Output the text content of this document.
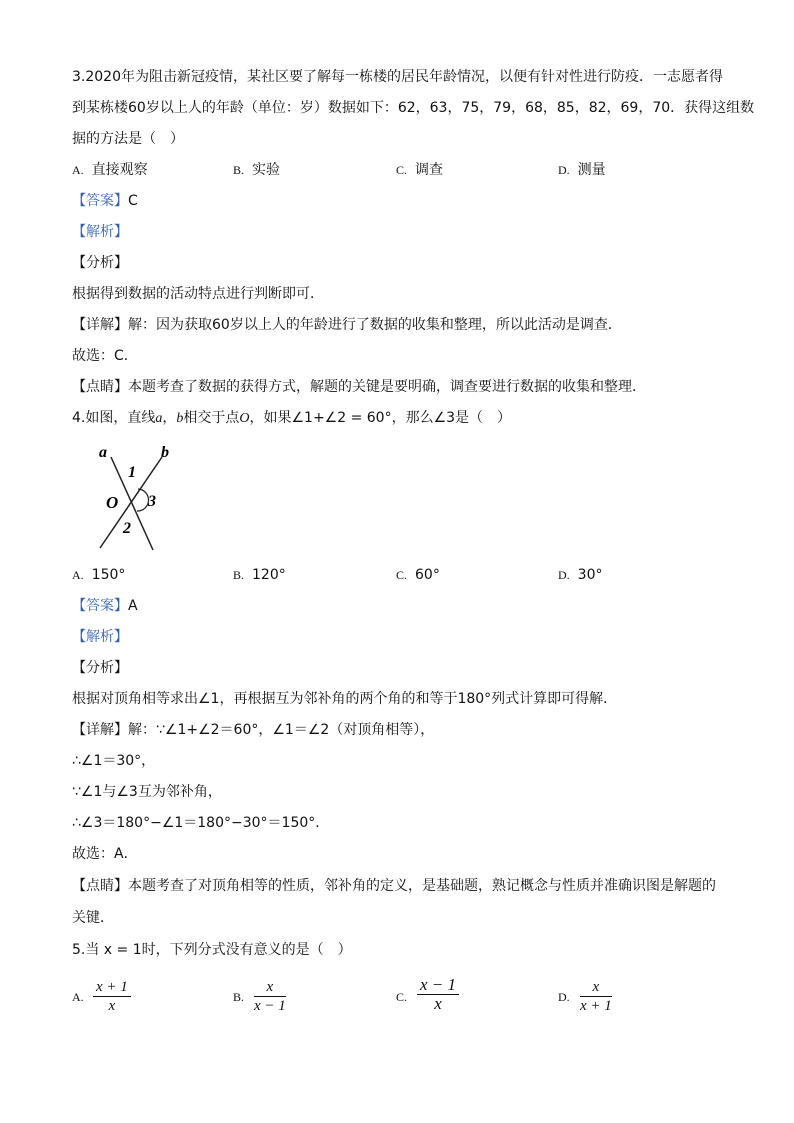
3.2020年为阻击新冠疫情，某社区要了解每一栋楼的居民年龄情况，以便有针对性进行防疫．一志愿者得
到某栋楼60岁以上人的年龄（单位：岁）数据如下：62，63，75，79，68，85，82，69，70．获得这组数
据的方法是（　）
A. 直接观察	B. 实验	C. 调查	D. 测量
【答案】C
【解析】
【分析】
根据得到数据的活动特点进行判断即可．
【详解】解：因为获取60岁以上人的年龄进行了数据的收集和整理，所以此活动是调查．
故选：C．
【点睛】本题考查了数据的获得方式，解题的关键是要明确，调查要进行数据的收集和整理．
4.如图，直线a，b相交于点O，如果∠1+∠2 = 60°，那么∠3是（　）
a	b
1
O 3
2
A. 150°	B. 120°	C. 60°	D. 30°
【答案】A
【解析】
【分析】
根据对顶角相等求出∠1，再根据互为邻补角的两个角的和等于180°列式计算即可得解．
【详解】解：∵∠1+∠2＝60°，∠1＝∠2（对顶角相等），
∴∠1＝30°，
∵∠1与∠3互为邻补角，
∴∠3＝180°−∠1＝180°−30°＝150°．
故选：A．
【点睛】本题考查了对顶角相等的性质，邻补角的定义，是基础题，熟记概念与性质并准确识图是解题的
关键．
5.当 x = 1时，下列分式没有意义的是（　）
A. $\frac{x + 1}{x}$	B. $\frac{x}{x - 1}$	C. $\frac{x - 1}{x}$	D. $\frac{x}{x + 1}$
